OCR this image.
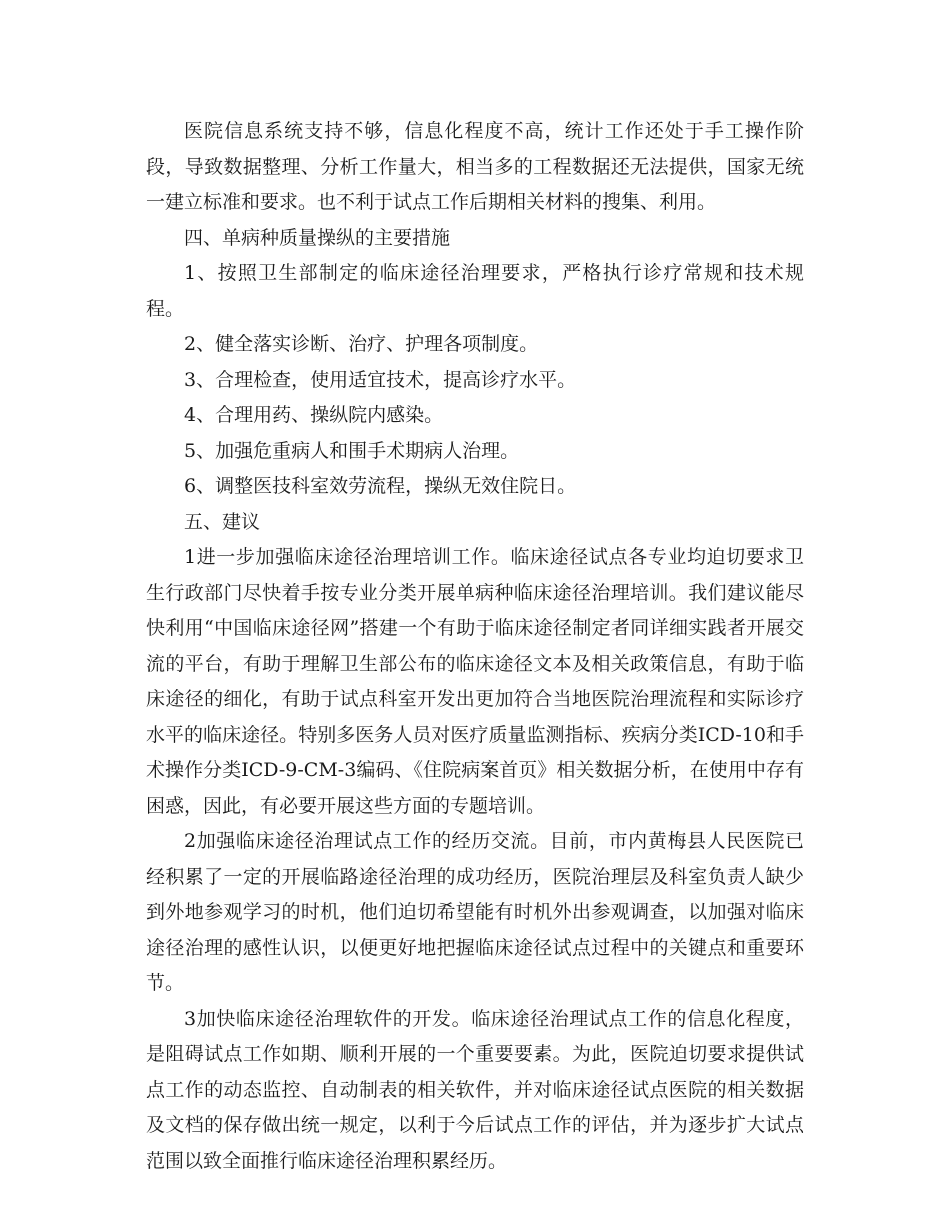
医院信息系统支持不够，信息化程度不高，统计工作还处于手工操作阶段，导致数据整理、分析工作量大，相当多的工程数据还无法提供，国家无统一建立标准和要求。也不利于试点工作后期相关材料的搜集、利用。

四、单病种质量操纵的主要措施

1、按照卫生部制定的临床途径治理要求，严格执行诊疗常规和技术规程。

2、健全落实诊断、治疗、护理各项制度。

3、合理检查，使用适宜技术，提高诊疗水平。

4、合理用药、操纵院内感染。

5、加强危重病人和围手术期病人治理。

6、调整医技科室效劳流程，操纵无效住院日。

五、建议

1进一步加强临床途径治理培训工作。临床途径试点各专业均迫切要求卫生行政部门尽快着手按专业分类开展单病种临床途径治理培训。我们建议能尽快利用“中国临床途径网”搭建一个有助于临床途径制定者同详细实践者开展交流的平台，有助于理解卫生部公布的临床途径文本及相关政策信息，有助于临床途径的细化，有助于试点科室开发出更加符合当地医院治理流程和实际诊疗水平的临床途径。特别多医务人员对医疗质量监测指标、疾病分类ICD-10和手术操作分类ICD-9-CM-3编码、《住院病案首页》相关数据分析，在使用中存有困惑，因此，有必要开展这些方面的专题培训。

2加强临床途径治理试点工作的经历交流。目前，市内黄梅县人民医院已经积累了一定的开展临路途径治理的成功经历，医院治理层及科室负责人缺少到外地参观学习的时机，他们迫切希望能有时机外出参观调查，以加强对临床途径治理的感性认识，以便更好地把握临床途径试点过程中的关键点和重要环节。

3加快临床途径治理软件的开发。临床途径治理试点工作的信息化程度，是阻碍试点工作如期、顺利开展的一个重要要素。为此，医院迫切要求提供试点工作的动态监控、自动制表的相关软件，并对临床途径试点医院的相关数据及文档的保存做出统一规定，以利于今后试点工作的评估，并为逐步扩大试点范围以致全面推行临床途径治理积累经历。
